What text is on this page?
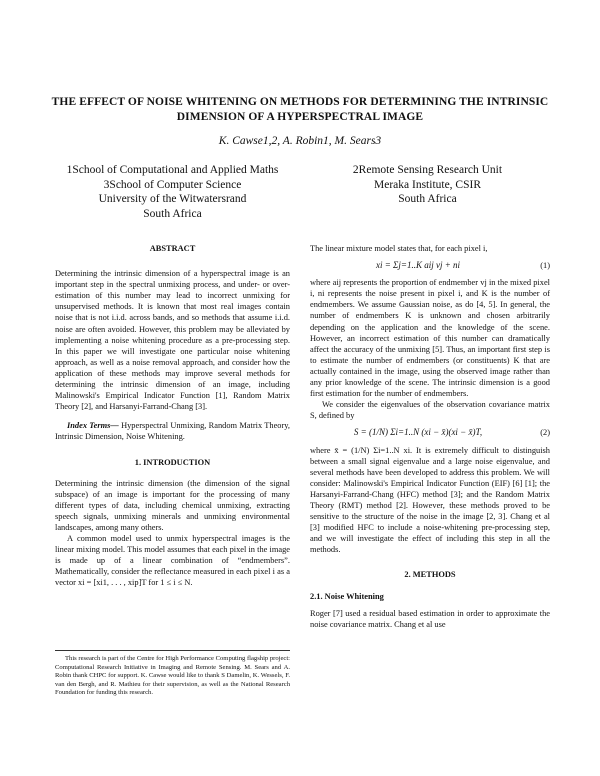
THE EFFECT OF NOISE WHITENING ON METHODS FOR DETERMINING THE INTRINSIC DIMENSION OF A HYPERSPECTRAL IMAGE
K. Cawse1,2, A. Robin1, M. Sears3
1School of Computational and Applied Maths
3School of Computer Science
University of the Witwatersrand
South Africa
2Remote Sensing Research Unit
Meraka Institute, CSIR
South Africa

ABSTRACT

Determining the intrinsic dimension of a hyperspectral image is an important step in the spectral unmixing process, and under- or over- estimation of this number may lead to incorrect unmixing for unsupervised methods. It is known that most real images contain noise that is not i.i.d. across bands, and so methods that assume i.i.d. noise are often avoided. However, this problem may be alleviated by implementing a noise whitening procedure as a pre-processing step. In this paper we will investigate one particular noise whitening approach, as well as a noise removal approach, and consider how the application of these methods may improve several methods for determining the intrinsic dimension of an image, including Malinowski's Empirical Indicator Function [1], Random Matrix Theory [2], and Harsanyi-Farrand-Chang [3].

Index Terms— Hyperspectral Unmixing, Random Matrix Theory, Intrinsic Dimension, Noise Whitening.

1. INTRODUCTION

Determining the intrinsic dimension (the dimension of the signal subspace) of an image is important for the processing of many different types of data, including chemical unmixing, extracting speech signals, unmixing minerals and unmixing environmental landscapes, among many others.

A common model used to unmix hyperspectral images is the linear mixing model. This model assumes that each pixel in the image is made up of a linear combination of “endmembers”. Mathematically, consider the reflectance measured in each pixel i as a vector xi = [xi1, . . . , xip]T for 1 ≤ i ≤ N.

This research is part of the Centre for High Performance Computing flagship project: Computational Research Initiative in Imaging and Remote Sensing. M. Sears and A. Robin thank CHPC for support. K. Cawse would like to thank S Damelin, K. Wessels, F. van den Bergh, and R. Mathieu for their supervision, as well as the National Research Foundation for funding this research.

The linear mixture model states that, for each pixel i,

xi = Σj=1..K aij vj + ni	(1)

where aij represents the proportion of endmember vj in the mixed pixel i, ni represents the noise present in pixel i, and K is the number of endmembers. We assume Gaussian noise, as do [4, 5]. In general, the number of endmembers K is unknown and chosen arbitrarily depending on the application and the knowledge of the scene. However, an incorrect estimation of this number can dramatically affect the accuracy of the unmixing [5]. Thus, an important first step is to estimate the number of endmembers (or constituents) K that are actually contained in the image, using the observed image rather than any prior knowledge of the scene. The intrinsic dimension is a good first estimation for the number of endmembers.

We consider the eigenvalues of the observation covariance matrix S, defined by

S = (1/N) Σi=1..N (xi − x̄)(xi − x̄)T,	(2)

where x̄ = (1/N) Σi=1..N xi. It is extremely difficult to distinguish between a small signal eigenvalue and a large noise eigenvalue, and several methods have been developed to address this problem. We will consider: Malinowski's Empirical Indicator Function (EIF) [6] [1]; the Harsanyi-Farrand-Chang (HFC) method [3]; and the Random Matrix Theory (RMT) method [2]. However, these methods proved to be sensitive to the structure of the noise in the image [2, 3]. Chang et al [3] modified HFC to include a noise-whitening pre-processing step, and we will investigate the effect of including this step in all the methods.

2. METHODS

2.1. Noise Whitening

Roger [7] used a residual based estimation in order to approximate the noise covariance matrix. Chang et al use
